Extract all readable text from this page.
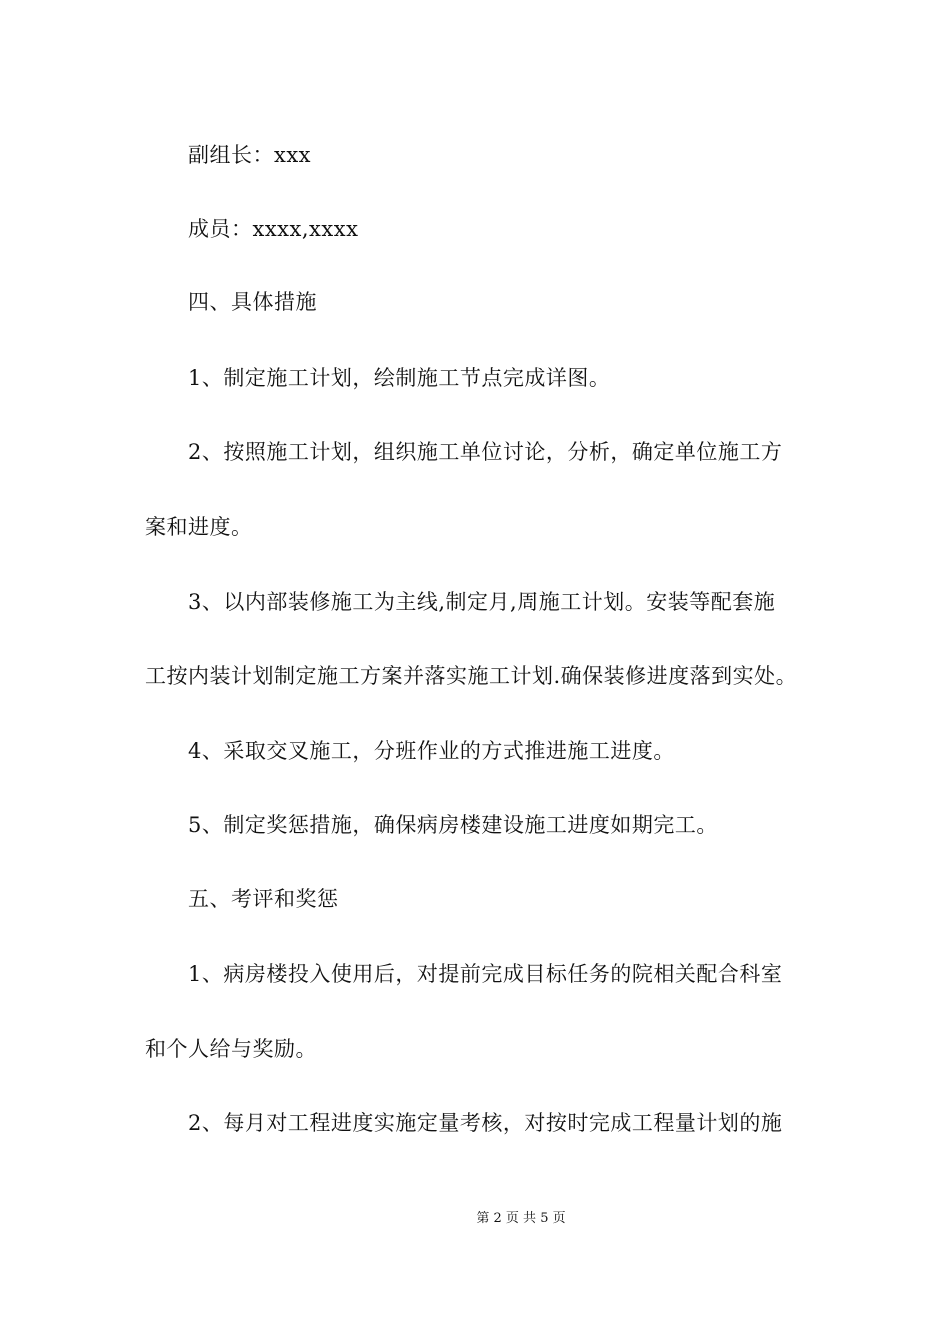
副组长：xxx
成员：xxxx,xxxx
四、具体措施
1、制定施工计划，绘制施工节点完成详图。
2、按照施工计划，组织施工单位讨论，分析，确定单位施工方
案和进度。
3、以内部装修施工为主线,制定月,周施工计划。安装等配套施
工按内装计划制定施工方案并落实施工计划.确保装修进度落到实处。
4、采取交叉施工，分班作业的方式推进施工进度。
5、制定奖惩措施，确保病房楼建设施工进度如期完工。
五、考评和奖惩
1、病房楼投入使用后，对提前完成目标任务的院相关配合科室
和个人给与奖励。
2、每月对工程进度实施定量考核，对按时完成工程量计划的施
第 2 页 共 5 页
